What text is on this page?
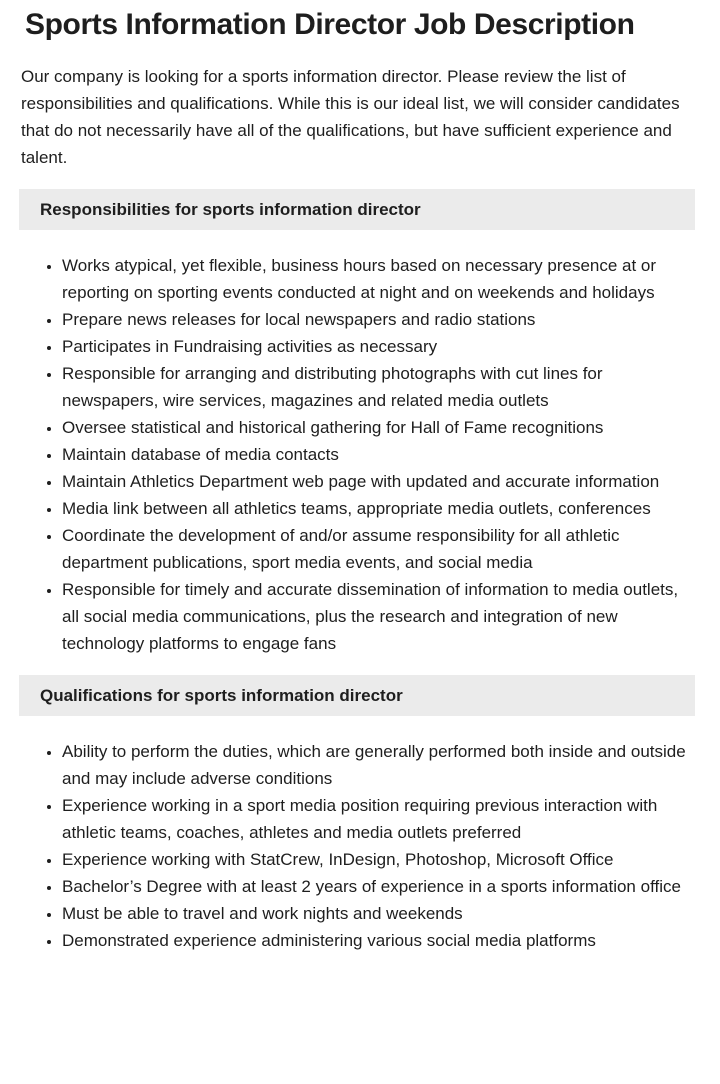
Sports Information Director Job Description

Our company is looking for a sports information director. Please review the list of responsibilities and qualifications. While this is our ideal list, we will consider candidates that do not necessarily have all of the qualifications, but have sufficient experience and talent.

Responsibilities for sports information director
• Works atypical, yet flexible, business hours based on necessary presence at or reporting on sporting events conducted at night and on weekends and holidays
• Prepare news releases for local newspapers and radio stations
• Participates in Fundraising activities as necessary
• Responsible for arranging and distributing photographs with cut lines for newspapers, wire services, magazines and related media outlets
• Oversee statistical and historical gathering for Hall of Fame recognitions
• Maintain database of media contacts
• Maintain Athletics Department web page with updated and accurate information
• Media link between all athletics teams, appropriate media outlets, conferences
• Coordinate the development of and/or assume responsibility for all athletic department publications, sport media events, and social media
• Responsible for timely and accurate dissemination of information to media outlets, all social media communications, plus the research and integration of new technology platforms to engage fans
Qualifications for sports information director
• Ability to perform the duties, which are generally performed both inside and outside and may include adverse conditions
• Experience working in a sport media position requiring previous interaction with athletic teams, coaches, athletes and media outlets preferred
• Experience working with StatCrew, InDesign, Photoshop, Microsoft Office
• Bachelor’s Degree with at least 2 years of experience in a sports information office
• Must be able to travel and work nights and weekends
• Demonstrated experience administering various social media platforms
